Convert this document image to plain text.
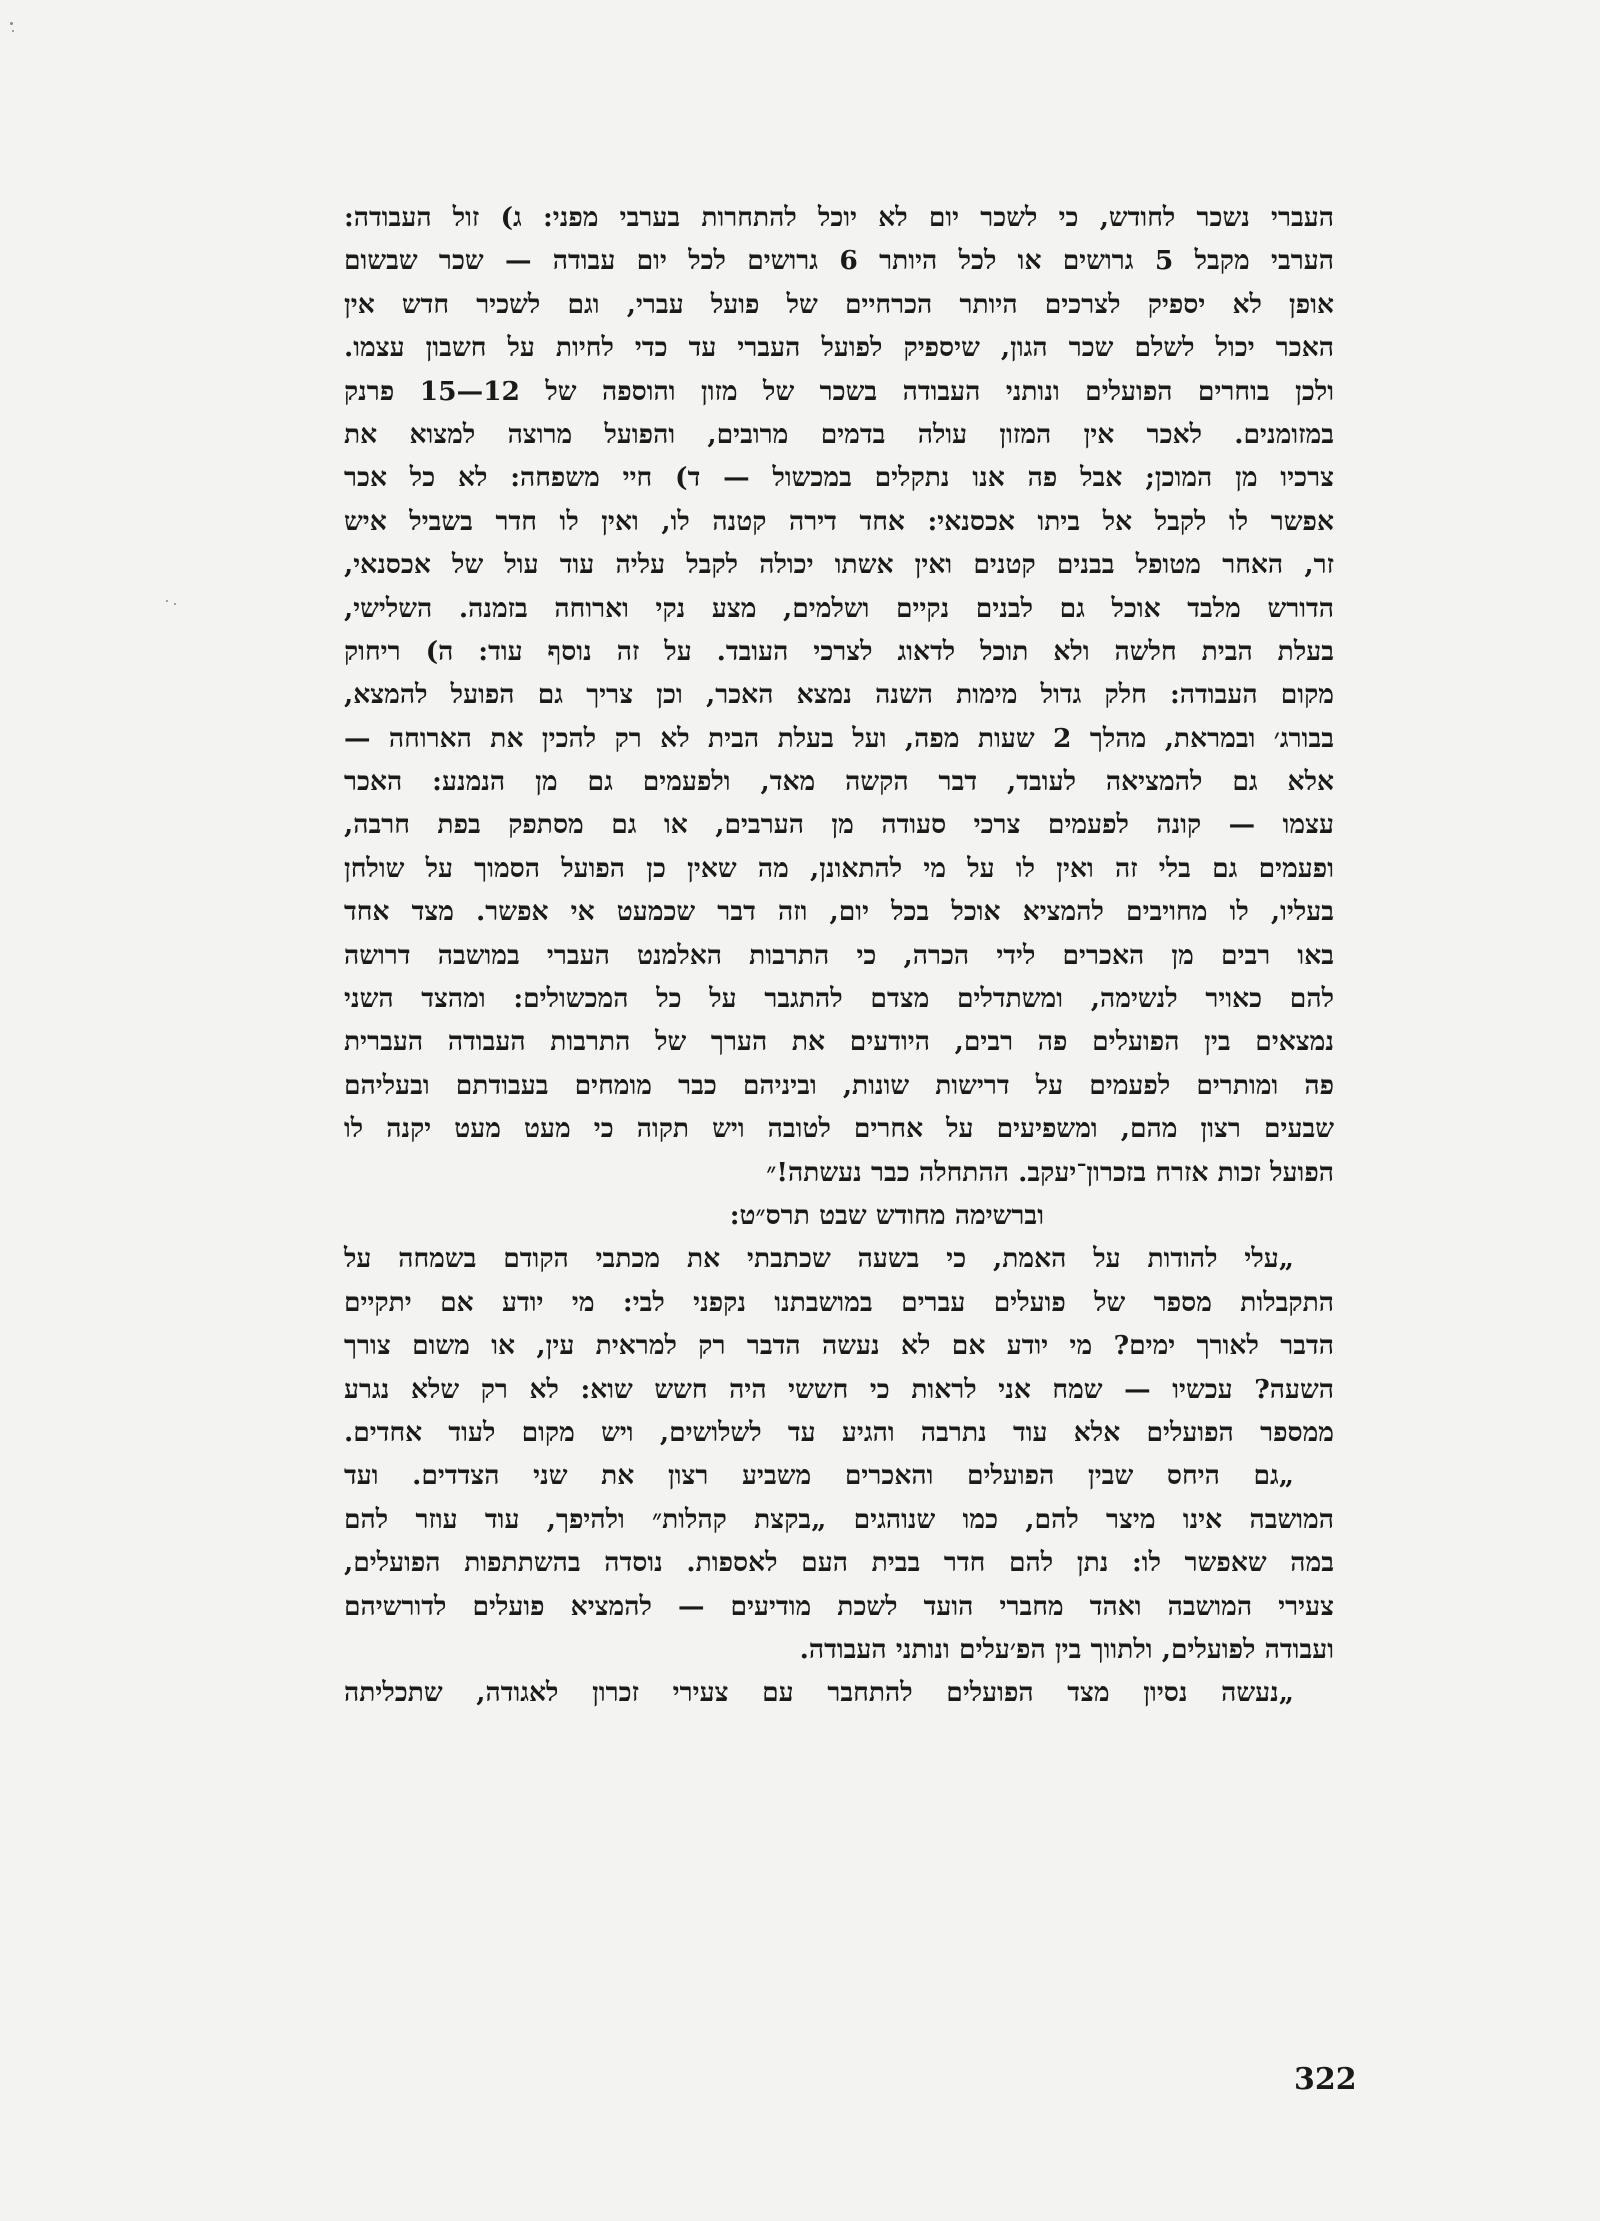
העברי נשכר לחודש, כי לשכר יום לא יוכל להתחרות בערבי מפני: ג) זול העבודה:
הערבי מקבל 5 גרושים או לכל היותר 6 גרושים לכל יום עבודה — שכר שבשום
אופן לא יספיק לצרכים היותר הכרחיים של פועל עברי, וגם לשכיר חדש אין
האכר יכול לשלם שכר הגון, שיספיק לפועל העברי עד כדי לחיות על חשבון עצמו.
ולכן בוחרים הפועלים ונותני העבודה בשכר של מזון והוספה של 12—15 פרנק
במזומנים. לאכר אין המזון עולה בדמים מרובים, והפועל מרוצה למצוא את
צרכיו מן המוכן; אבל פה אנו נתקלים במכשול — ד) חיי משפחה: לא כל אכר
אפשר לו לקבל אל ביתו אכסנאי: אחד דירה קטנה לו, ואין לו חדר בשביל איש
זר, האחר מטופל בבנים קטנים ואין אשתו יכולה לקבל עליה עוד עול של אכסנאי,
הדורש מלבד אוכל גם לבנים נקיים ושלמים, מצע נקי וארוחה בזמנה. השלישי,
בעלת הבית חלשה ולא תוכל לדאוג לצרכי העובד. על זה נוסף עוד: ה) ריחוק
מקום העבודה: חלק גדול מימות השנה נמצא האכר, וכן צריך גם הפועל להמצא,
בבורג׳ ובמראת, מהלך 2 שעות מפה, ועל בעלת הבית לא רק להכין את הארוחה —
אלא גם להמציאה לעובד, דבר הקשה מאד, ולפעמים גם מן הנמנע: האכר
עצמו — קונה לפעמים צרכי סעודה מן הערבים, או גם מסתפק בפת חרבה,
ופעמים גם בלי זה ואין לו על מי להתאונן, מה שאין כן הפועל הסמוך על שולחן
בעליו, לו מחויבים להמציא אוכל בכל יום, וזה דבר שכמעט אי אפשר. מצד אחד
באו רבים מן האכרים לידי הכרה, כי התרבות האלמנט העברי במושבה דרושה
להם כאויר לנשימה, ומשתדלים מצדם להתגבר על כל המכשולים: ומהצד השני
נמצאים בין הפועלים פה רבים, היודעים את הערך של התרבות העבודה העברית
פה ומותרים לפעמים על דרישות שונות, וביניהם כבר מומחים בעבודתם ובעליהם
שבעים רצון מהם, ומשפיעים על אחרים לטובה ויש תקוה כי מעט מעט יקנה לו
הפועל זכות אזרח בזכרון־יעקב. ההתחלה כבר נעשתה!״
וברשימה מחודש שבט תרס״ט:
„עלי להודות על האמת, כי בשעה שכתבתי את מכתבי הקודם בשמחה על
התקבלות מספר של פועלים עברים במושבתנו נקפני לבי: מי יודע אם יתקיים
הדבר לאורך ימים? מי יודע אם לא נעשה הדבר רק למראית עין, או משום צורך
השעה? עכשיו — שמח אני לראות כי חששי היה חשש שוא: לא רק שלא נגרע
ממספר הפועלים אלא עוד נתרבה והגיע עד לשלושים, ויש מקום לעוד אחדים.
„גם היחס שבין הפועלים והאכרים משביע רצון את שני הצדדים. ועד
המושבה אינו מיצר להם, כמו שנוהגים „בקצת קהלות״ ולהיפך, עוד עוזר להם
במה שאפשר לו: נתן להם חדר בבית העם לאספות. נוסדה בהשתתפות הפועלים,
צעירי המושבה ואהד מחברי הועד לשכת מודיעים — להמציא פועלים לדורשיהם
ועבודה לפועלים, ולתווך בין הפ׳עלים ונותני העבודה.
„נעשה נסיון מצד הפועלים להתחבר עם צעירי זכרון לאגודה, שתכליתה
322
